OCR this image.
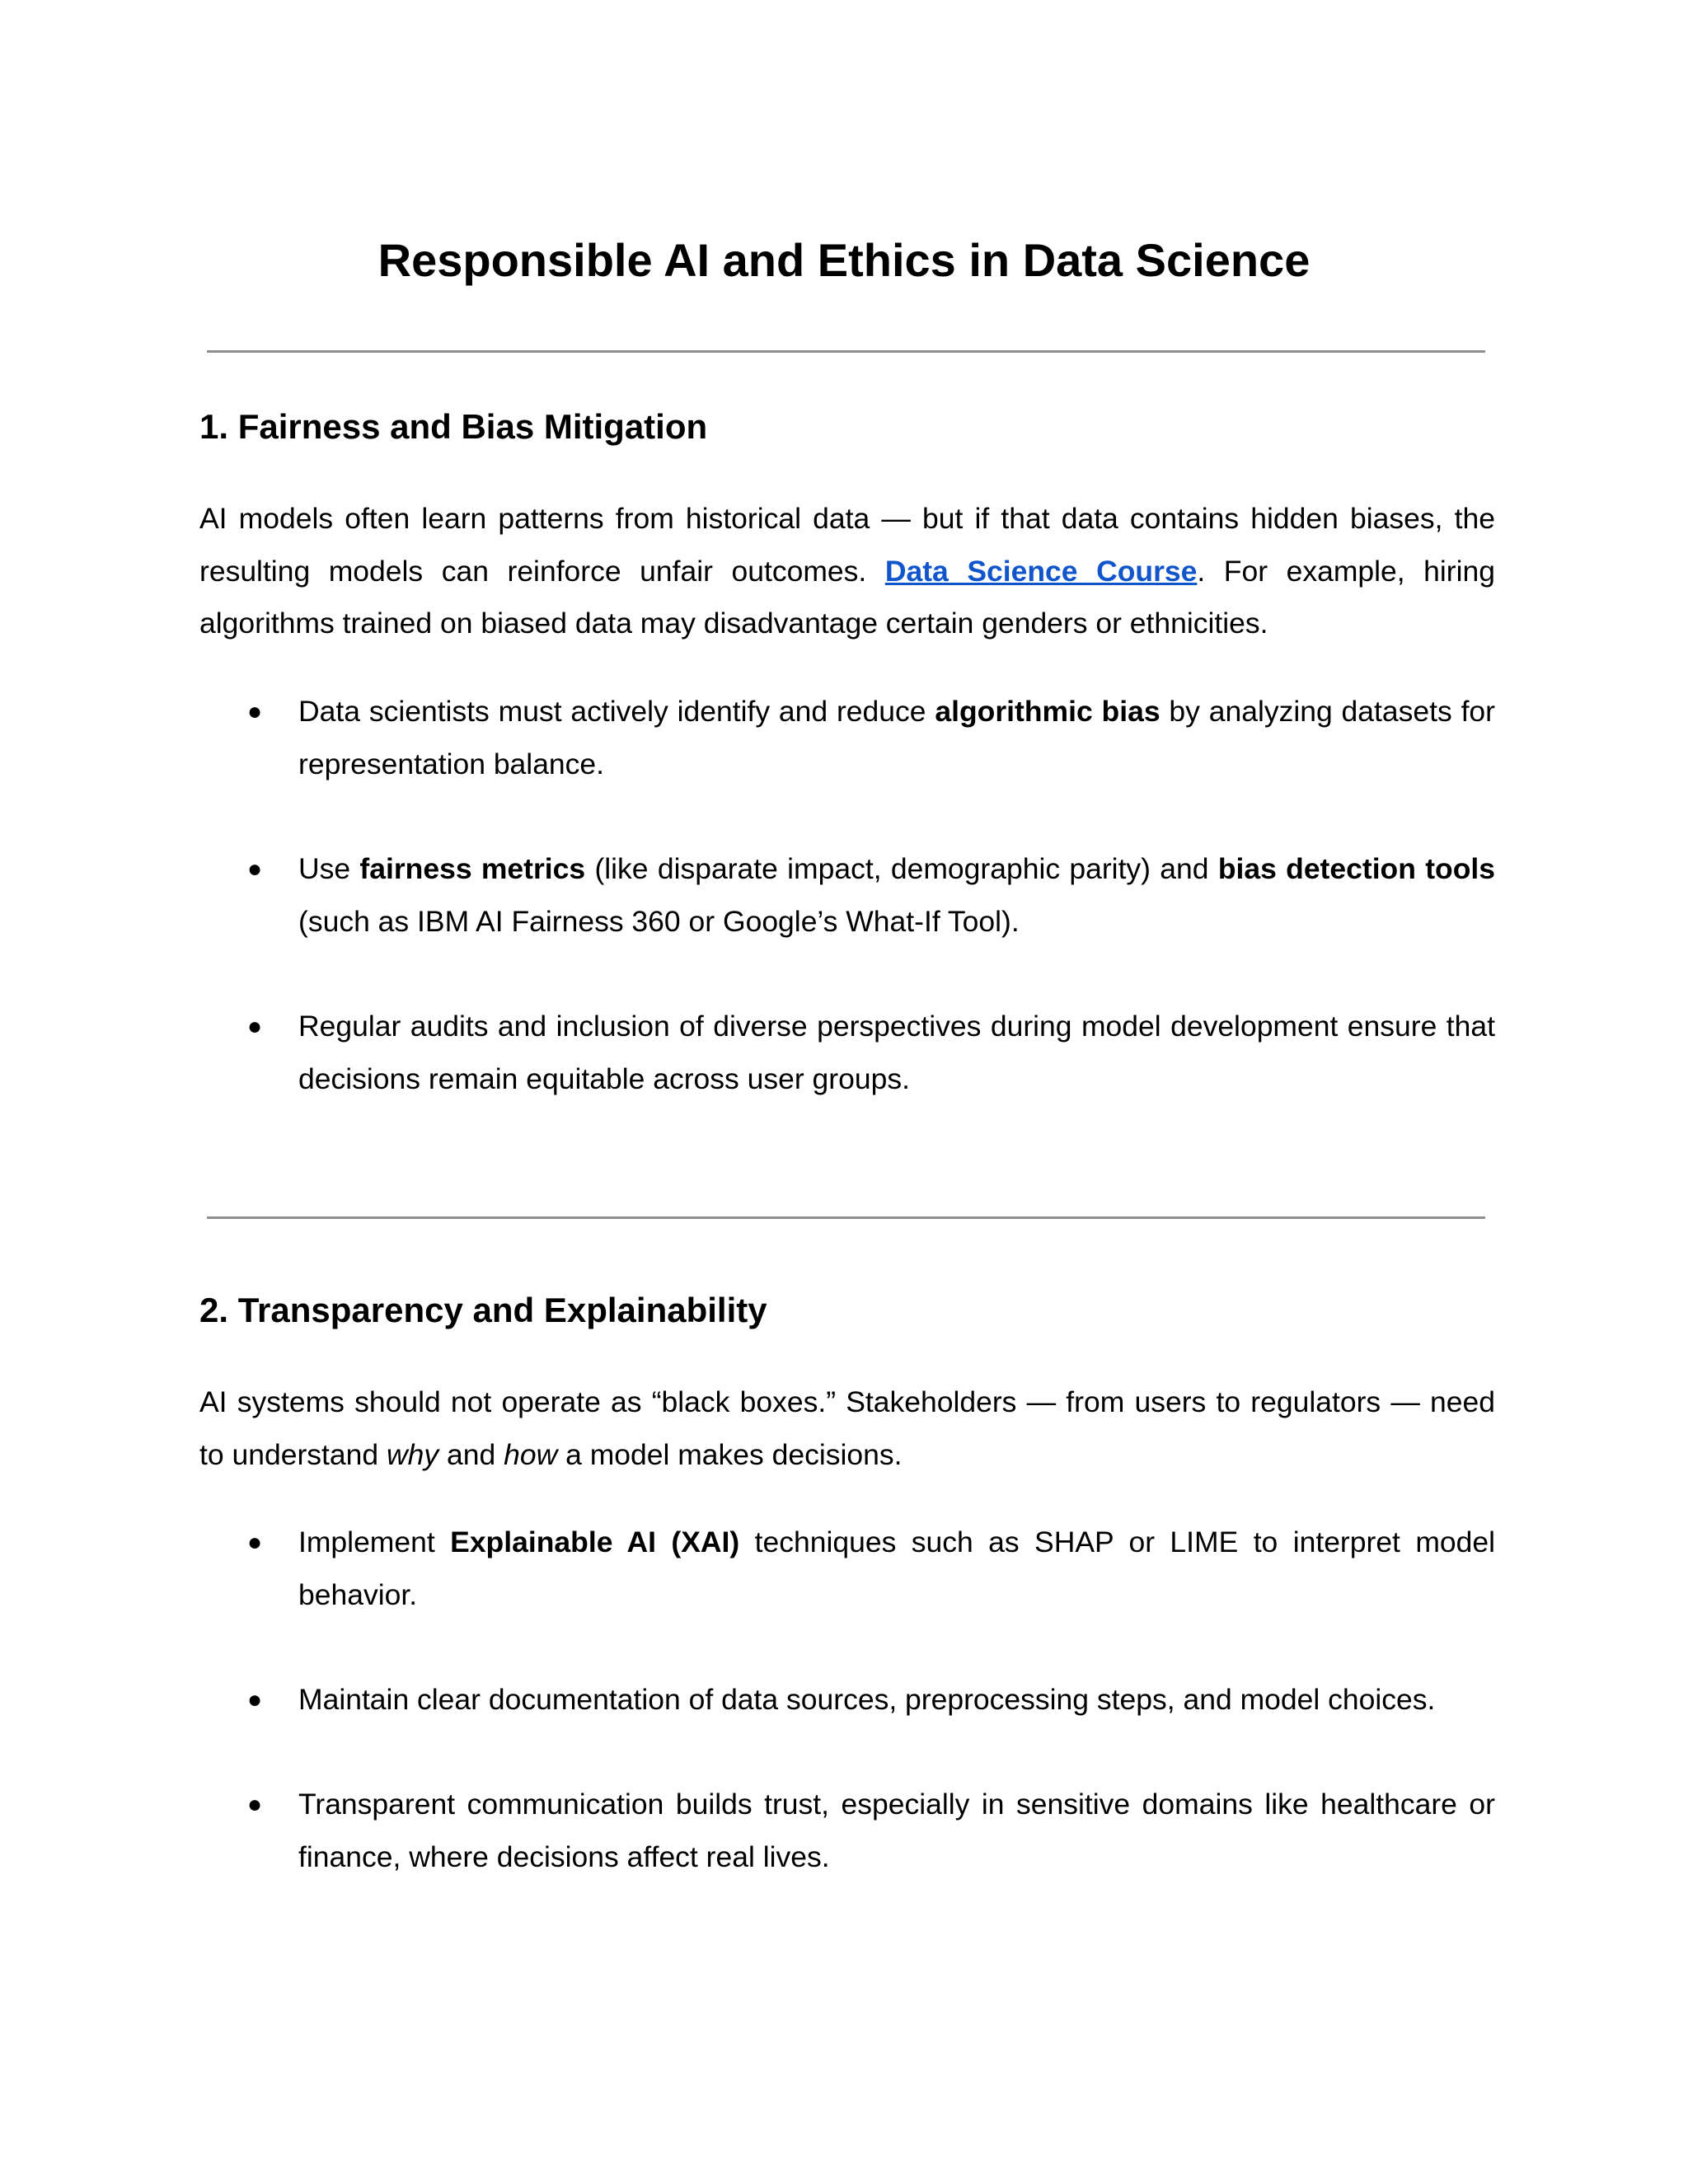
Responsible AI and Ethics in Data Science
1. Fairness and Bias Mitigation

AI models often learn patterns from historical data — but if that data contains hidden biases, the resulting models can reinforce unfair outcomes. Data Science Course. For example, hiring algorithms trained on biased data may disadvantage certain genders or ethnicities.

● Data scientists must actively identify and reduce algorithmic bias by analyzing datasets for representation balance.
● Use fairness metrics (like disparate impact, demographic parity) and bias detection tools (such as IBM AI Fairness 360 or Google’s What-If Tool).
● Regular audits and inclusion of diverse perspectives during model development ensure that decisions remain equitable across user groups.
2. Transparency and Explainability

AI systems should not operate as “black boxes.” Stakeholders — from users to regulators — need to understand why and how a model makes decisions.

● Implement Explainable AI (XAI) techniques such as SHAP or LIME to interpret model behavior.
● Maintain clear documentation of data sources, preprocessing steps, and model choices.
● Transparent communication builds trust, especially in sensitive domains like healthcare or finance, where decisions affect real lives.
